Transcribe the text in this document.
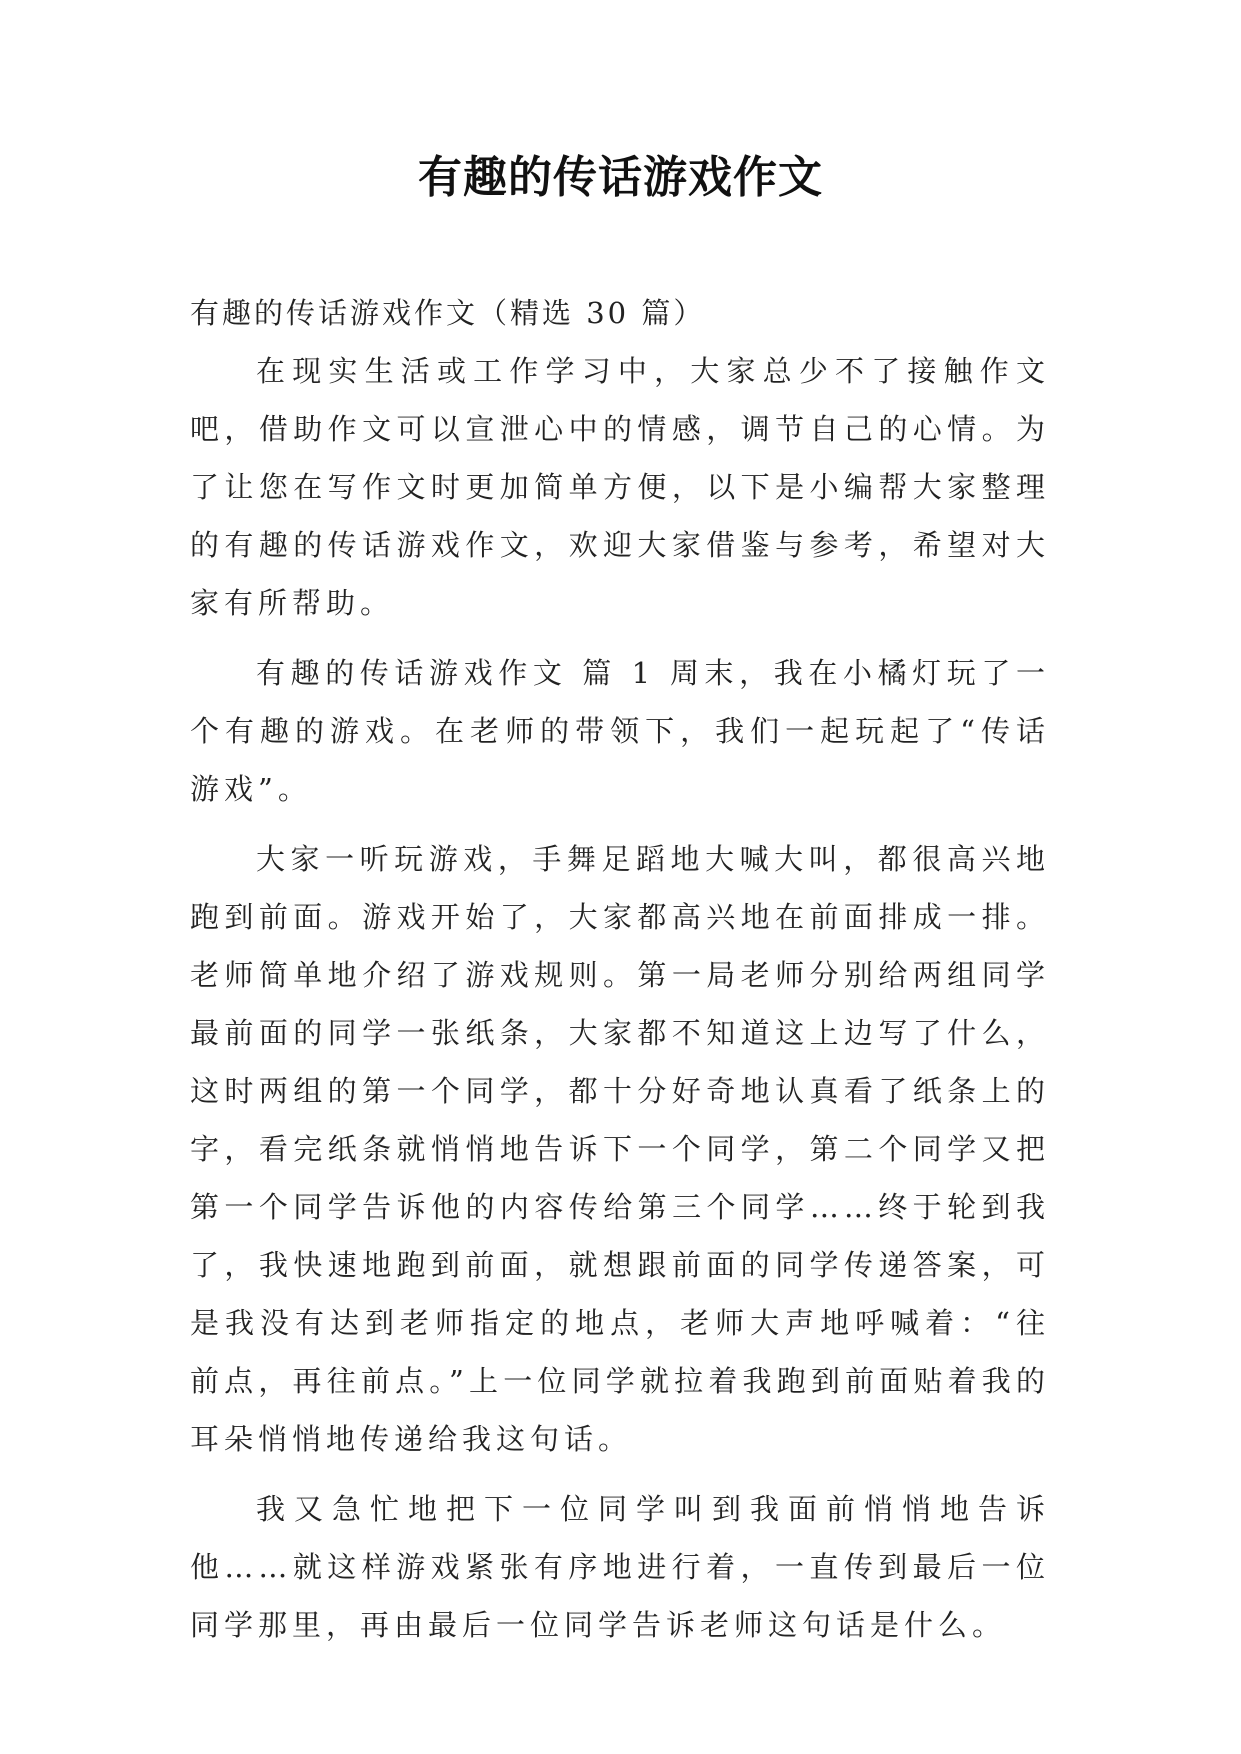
有趣的传话游戏作文

有趣的传话游戏作文（精选 30 篇）

在现实生活或工作学习中，大家总少不了接触作文吧，借助作文可以宣泄心中的情感，调节自己的心情。为了让您在写作文时更加简单方便，以下是小编帮大家整理的有趣的传话游戏作文，欢迎大家借鉴与参考，希望对大家有所帮助。

有趣的传话游戏作文 篇 1 周末，我在小橘灯玩了一个有趣的游戏。在老师的带领下，我们一起玩起了“传话游戏”。

大家一听玩游戏，手舞足蹈地大喊大叫，都很高兴地跑到前面。游戏开始了，大家都高兴地在前面排成一排。老师简单地介绍了游戏规则。第一局老师分别给两组同学最前面的同学一张纸条，大家都不知道这上边写了什么，这时两组的第一个同学，都十分好奇地认真看了纸条上的字，看完纸条就悄悄地告诉下一个同学，第二个同学又把第一个同学告诉他的内容传给第三个同学……终于轮到我了，我快速地跑到前面，就想跟前面的同学传递答案，可是我没有达到老师指定的地点，老师大声地呼喊着：“往前点，再往前点。”上一位同学就拉着我跑到前面贴着我的耳朵悄悄地传递给我这句话。

我又急忙地把下一位同学叫到我面前悄悄地告诉他……就这样游戏紧张有序地进行着，一直传到最后一位同学那里，再由最后一位同学告诉老师这句话是什么。
